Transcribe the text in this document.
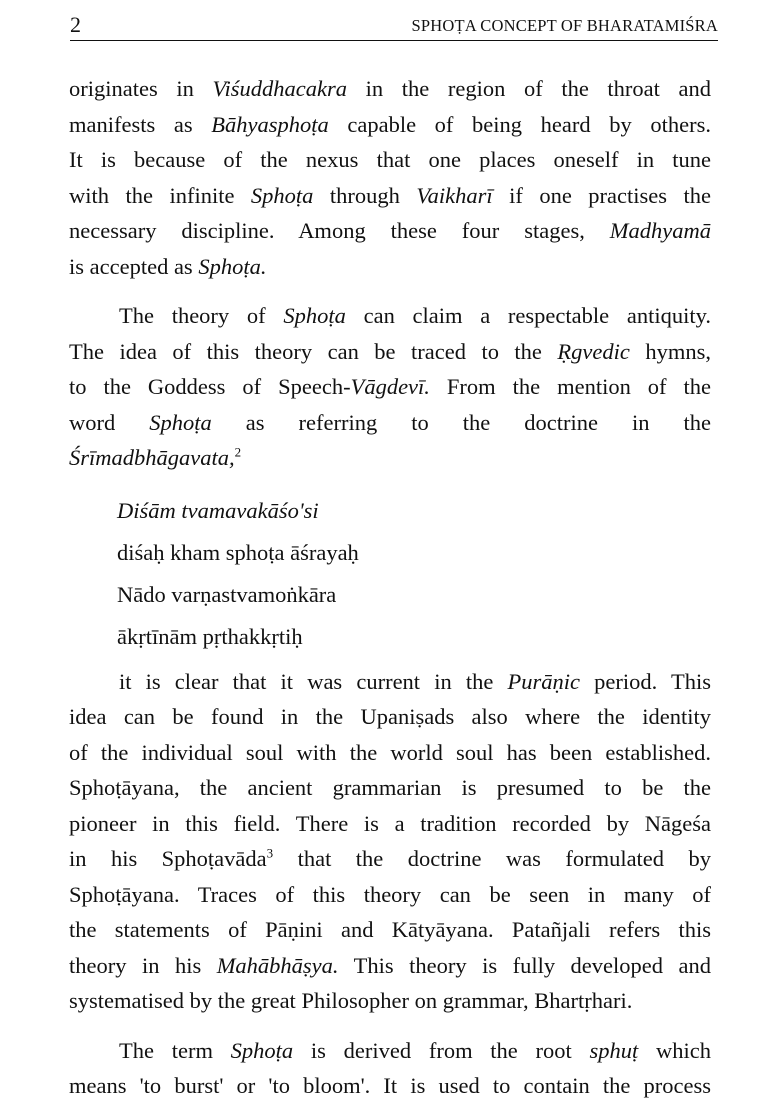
2	SPHOṬA CONCEPT OF BHARATAMIŚRA
originates in Viśuddhacakra in the region of the throat and
manifests as Bāhyasphoṭa capable of being heard by others.
It is because of the nexus that one places oneself in tune
with the infinite Sphoṭa through Vaikharī if one practises the
necessary discipline. Among these four stages, Madhyamā
is accepted as Sphoṭa.
The theory of Sphoṭa can claim a respectable antiquity.
The idea of this theory can be traced to the Ṛgvedic hymns,
to the Goddess of Speech-Vāgdevī. From the mention of the
word Sphoṭa as referring to the doctrine in the
Śrīmadbhāgavata,$^2$
Diśām tvamavakāśo'si
diśaḥ kham sphoṭa āśrayaḥ
Nādo varṇastvamoṅkāra
ākṛtīnām pṛthakkṛtiḥ
it is clear that it was current in the Purāṇic period. This
idea can be found in the Upaniṣads also where the identity
of the individual soul with the world soul has been established.
Sphoṭāyana, the ancient grammarian is presumed to be the
pioneer in this field. There is a tradition recorded by Nāgeśa
in his Sphoṭavāda$^3$ that the doctrine was formulated by
Sphoṭāyana. Traces of this theory can be seen in many of
the statements of Pāṇini and Kātyāyana. Patañjali refers this
theory in his Mahābhāṣya. This theory is fully developed and
systematised by the great Philosopher on grammar, Bhartṛhari.
The term Sphoṭa is derived from the root sphuṭ which
means 'to burst' or 'to bloom'. It is used to contain the process
